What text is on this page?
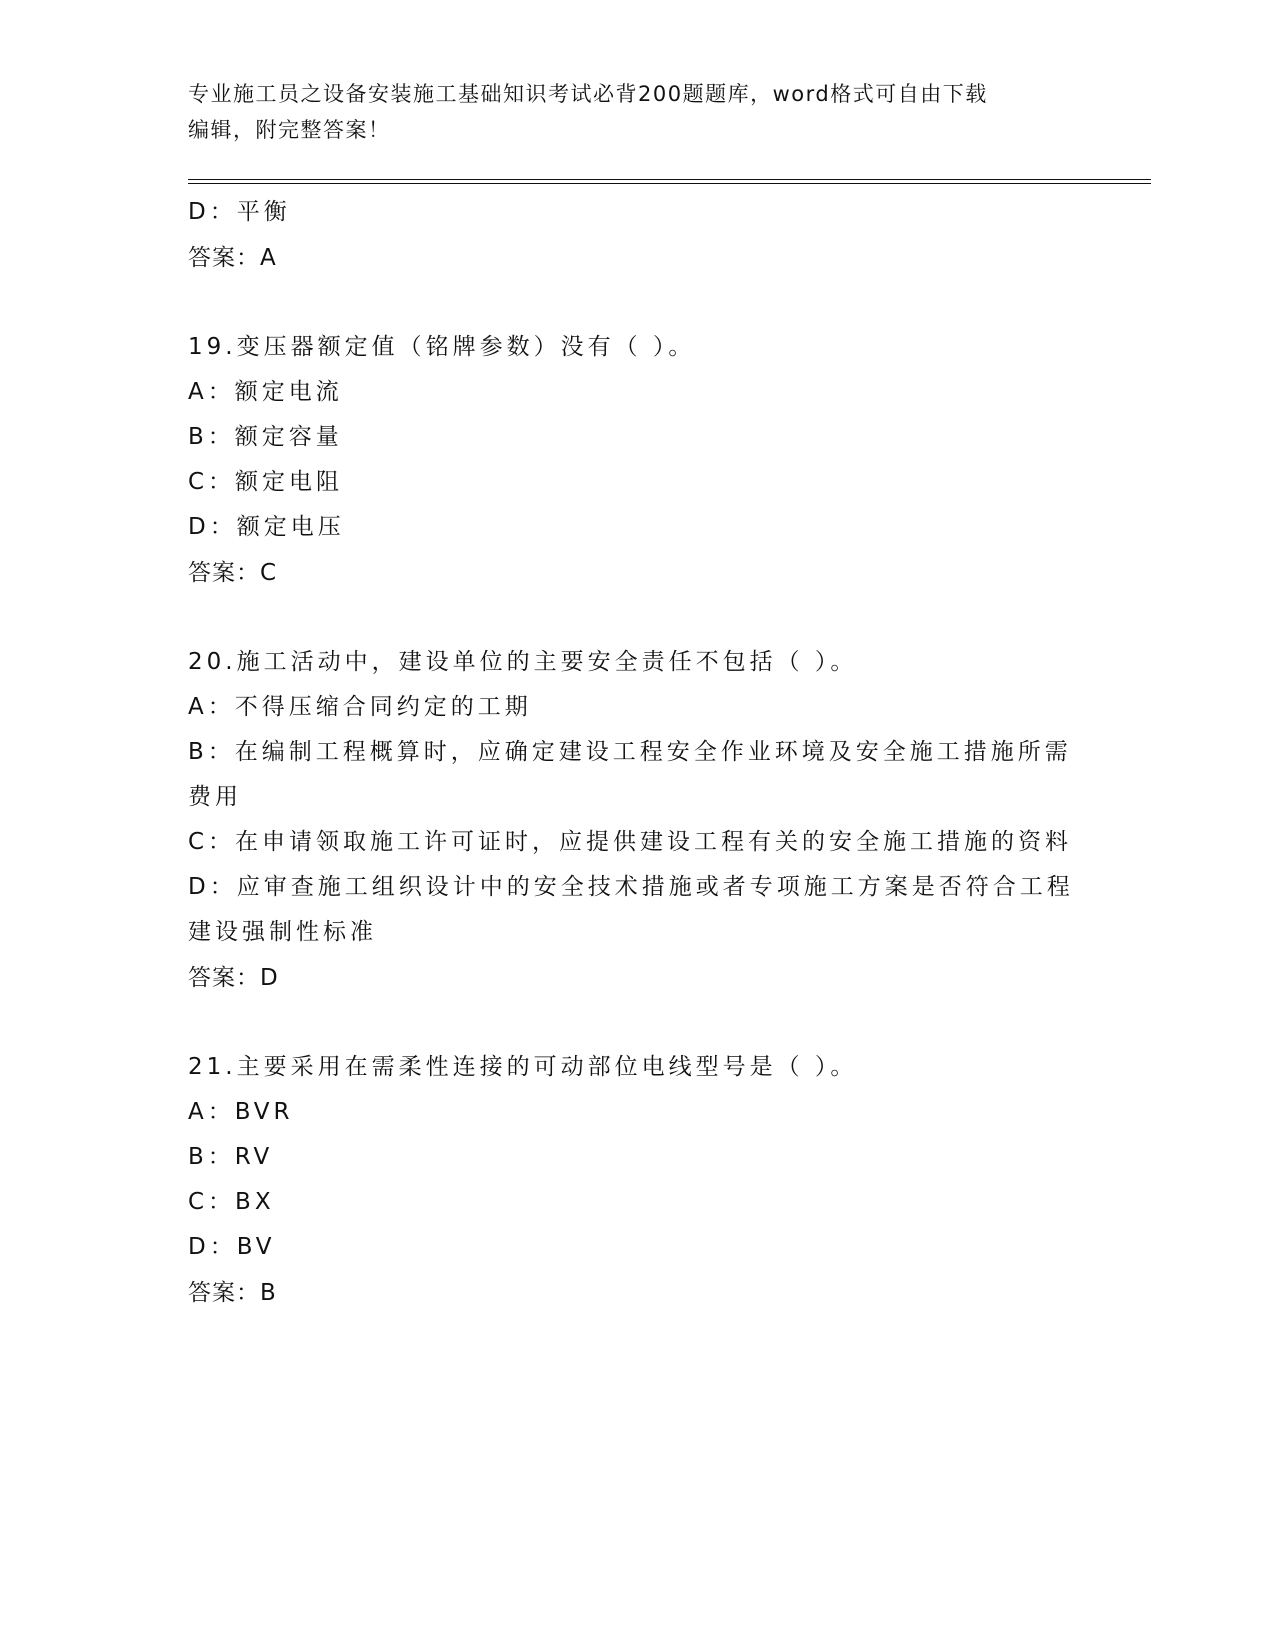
专业施工员之设备安装施工基础知识考试必背200题题库，word格式可自由下载
编辑，附完整答案！

D：平衡

答案：A

19.变压器额定值（铭牌参数）没有（ ）。

A：额定电流

B：额定容量

C：额定电阻

D：额定电压

答案：C

20.施工活动中，建设单位的主要安全责任不包括（ ）。

A：不得压缩合同约定的工期

B：在编制工程概算时，应确定建设工程安全作业环境及安全施工措施所需费用

C：在申请领取施工许可证时，应提供建设工程有关的安全施工措施的资料

D：应审查施工组织设计中的安全技术措施或者专项施工方案是否符合工程建设强制性标准

答案：D

21.主要采用在需柔性连接的可动部位电线型号是（ ）。

A：BVR

B：RV

C：BX

D：BV

答案：B
